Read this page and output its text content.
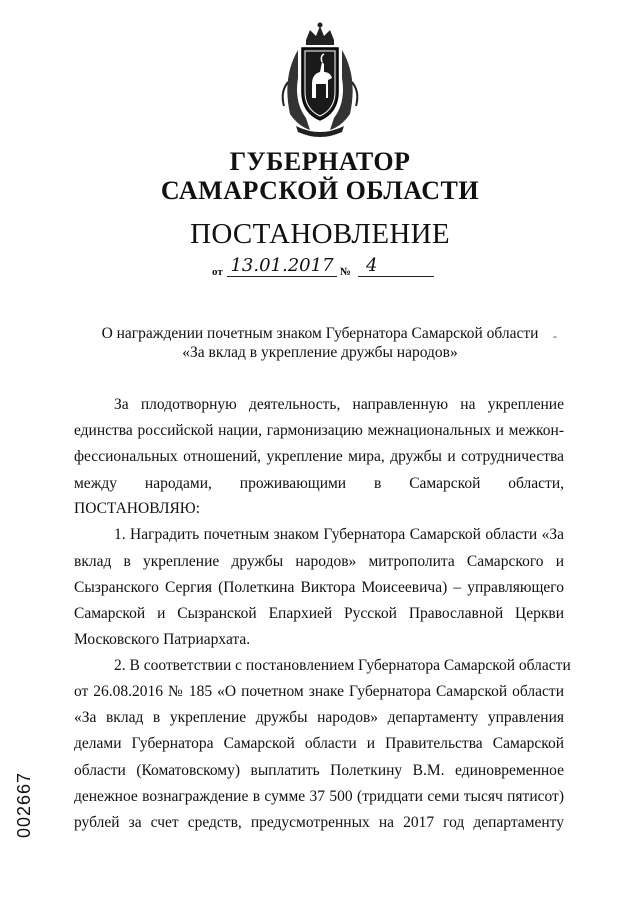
ГУБЕРНАТОР
САМАРСКОЙ ОБЛАСТИ
ПОСТАНОВЛЕНИЕ
от 13.01.2017 № 4
О награждении почетным знаком Губернатора Самарской области
«За вклад в укрепление дружбы народов»
-
За плодотворную деятельность, направленную на укрепление
единства российской нации, гармонизацию межнациональных и межкон-
фессиональных отношений, укрепление мира, дружбы и сотрудничества
между народами, проживающими в Самарской области,
ПОСТАНОВЛЯЮ:
1. Наградить почетным знаком Губернатора Самарской области «За
вклад в укрепление дружбы народов» митрополита Самарского и
Сызранского Сергия (Полеткина Виктора Моисеевича) – управляющего
Самарской и Сызранской Епархией Русской Православной Церкви
Московского Патриархата.
2. В соответствии с постановлением Губернатора Самарской области
от 26.08.2016 № 185 «О почетном знаке Губернатора Самарской области
«За вклад в укрепление дружбы народов» департаменту управления
делами Губернатора Самарской области и Правительства Самарской
области (Коматовскому) выплатить Полеткину В.М. единовременное
денежное вознаграждение в сумме 37 500 (тридцати семи тысяч пятисот)
рублей за счет средств, предусмотренных на 2017 год департаменту
002667
